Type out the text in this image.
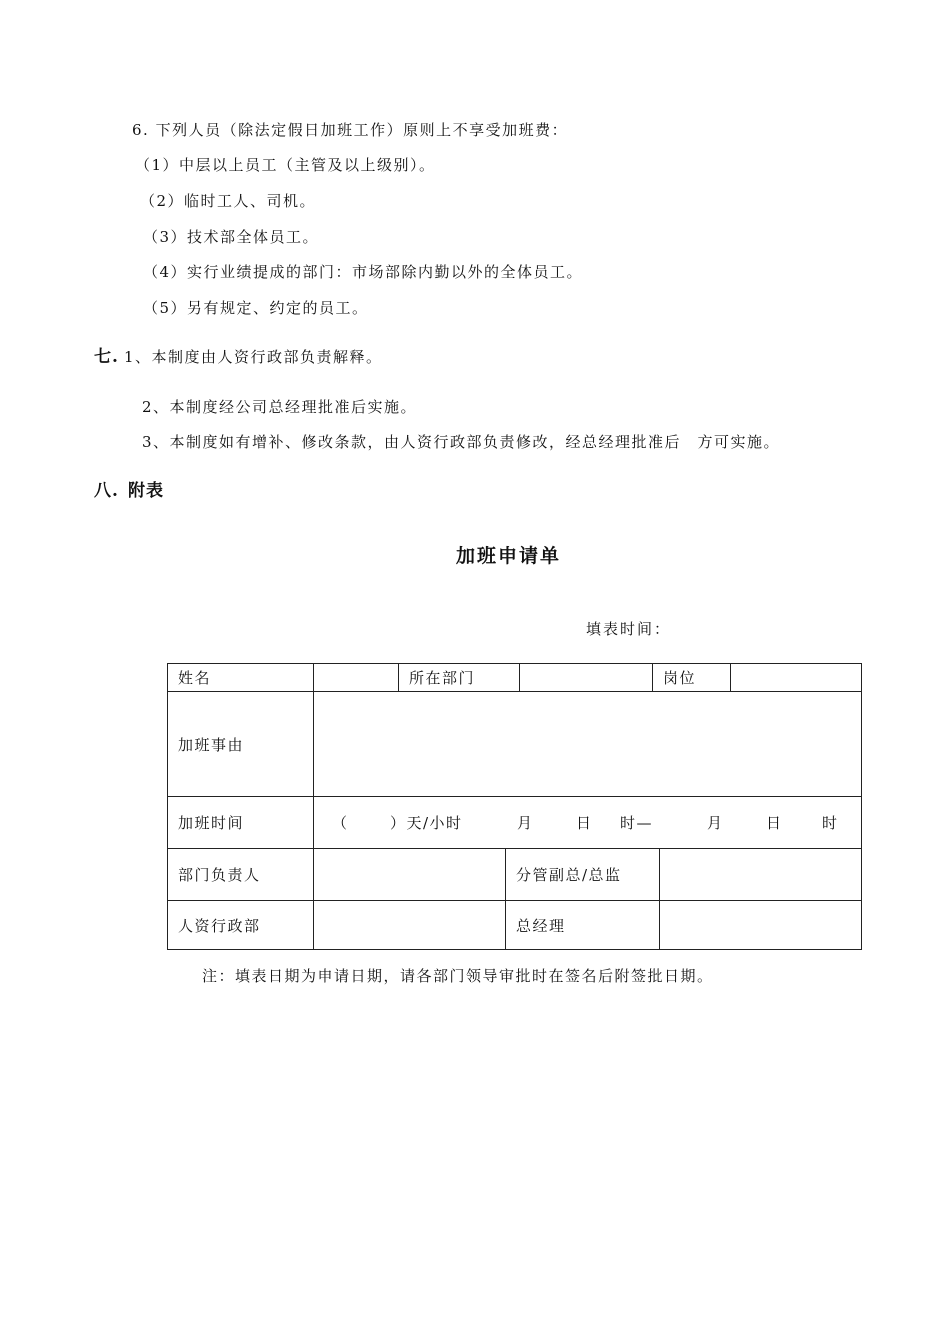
6. 下列人员（除法定假日加班工作）原则上不享受加班费：
（1）中层以上员工（主管及以上级别）。
（2）临时工人、司机。
（3）技术部全体员工。
（4）实行业绩提成的部门：市场部除内勤以外的全体员工。
（5）另有规定、约定的员工。
七. 1、本制度由人资行政部负责解释。
2、本制度经公司总经理批准后实施。
3、本制度如有增补、修改条款，由人资行政部负责修改，经总经理批准后　方可实施。
八. 附表
加班申请单
填表时间：
姓名	所在部门	岗位
加班事由
加班时间	（	）天/小时	月	日 时—	月	日	时
部门负责人	分管副总/总监
人资行政部	总经理
注：填表日期为申请日期，请各部门领导审批时在签名后附签批日期。
